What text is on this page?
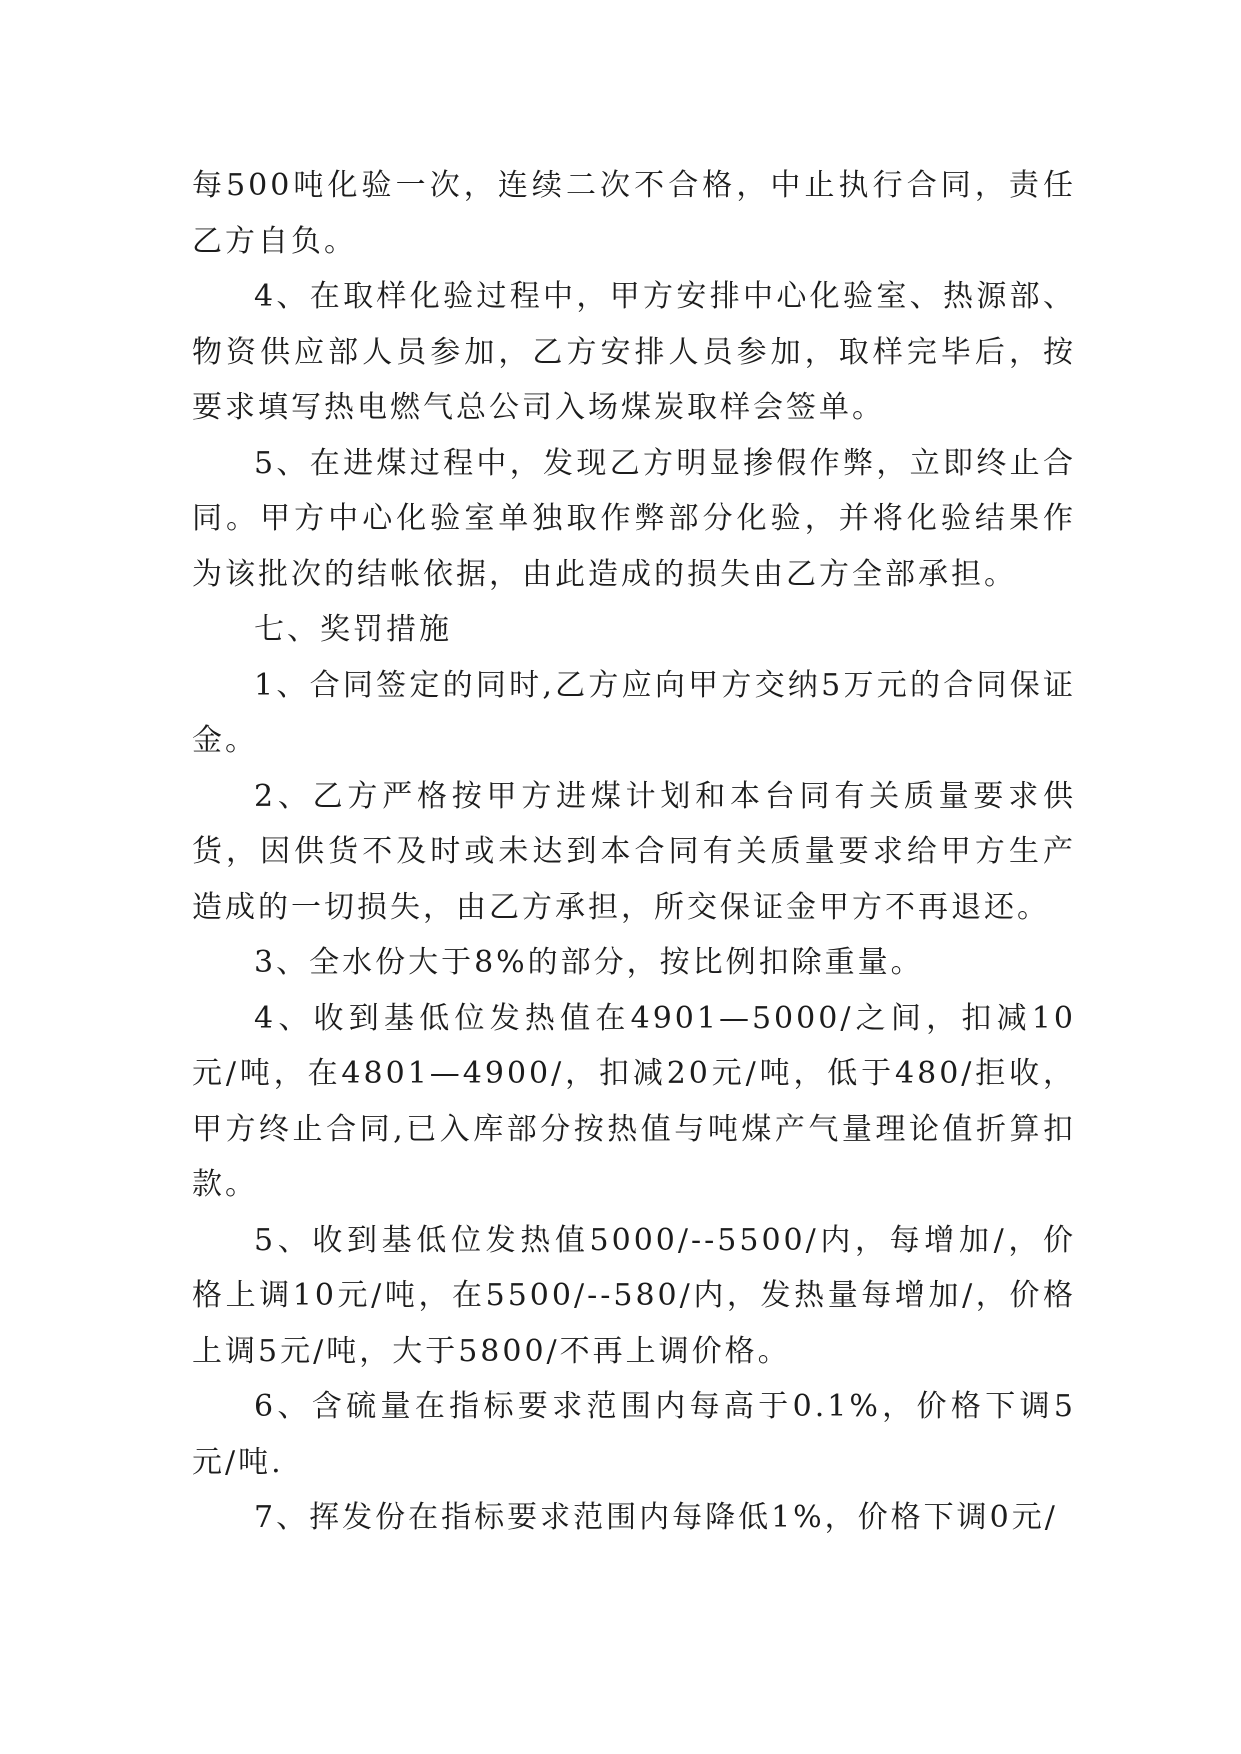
每500吨化验一次，连续二次不合格，中止执行合同，责任乙方自负。

4、在取样化验过程中，甲方安排中心化验室、热源部、物资供应部人员参加，乙方安排人员参加，取样完毕后，按要求填写热电燃气总公司入场煤炭取样会签单。

5、在进煤过程中，发现乙方明显掺假作弊，立即终止合同。甲方中心化验室单独取作弊部分化验，并将化验结果作为该批次的结帐依据，由此造成的损失由乙方全部承担。

七、奖罚措施

1、合同签定的同时,乙方应向甲方交纳5万元的合同保证金。

2、乙方严格按甲方进煤计划和本台同有关质量要求供货，因供货不及时或未达到本合同有关质量要求给甲方生产造成的一切损失，由乙方承担，所交保证金甲方不再退还。

3、全水份大于8%的部分，按比例扣除重量。

4、收到基低位发热值在4901—5000/之间，扣减10元/吨，在4801—4900/，扣减20元/吨，低于480/拒收，甲方终止合同,已入库部分按热值与吨煤产气量理论值折算扣款。

5、收到基低位发热值5000/--5500/内，每增加/，价格上调10元/吨，在5500/--580/内，发热量每增加/，价格上调5元/吨，大于5800/不再上调价格。

6、含硫量在指标要求范围内每高于0.1%，价格下调5元/吨.

7、挥发份在指标要求范围内每降低1%，价格下调0元/
